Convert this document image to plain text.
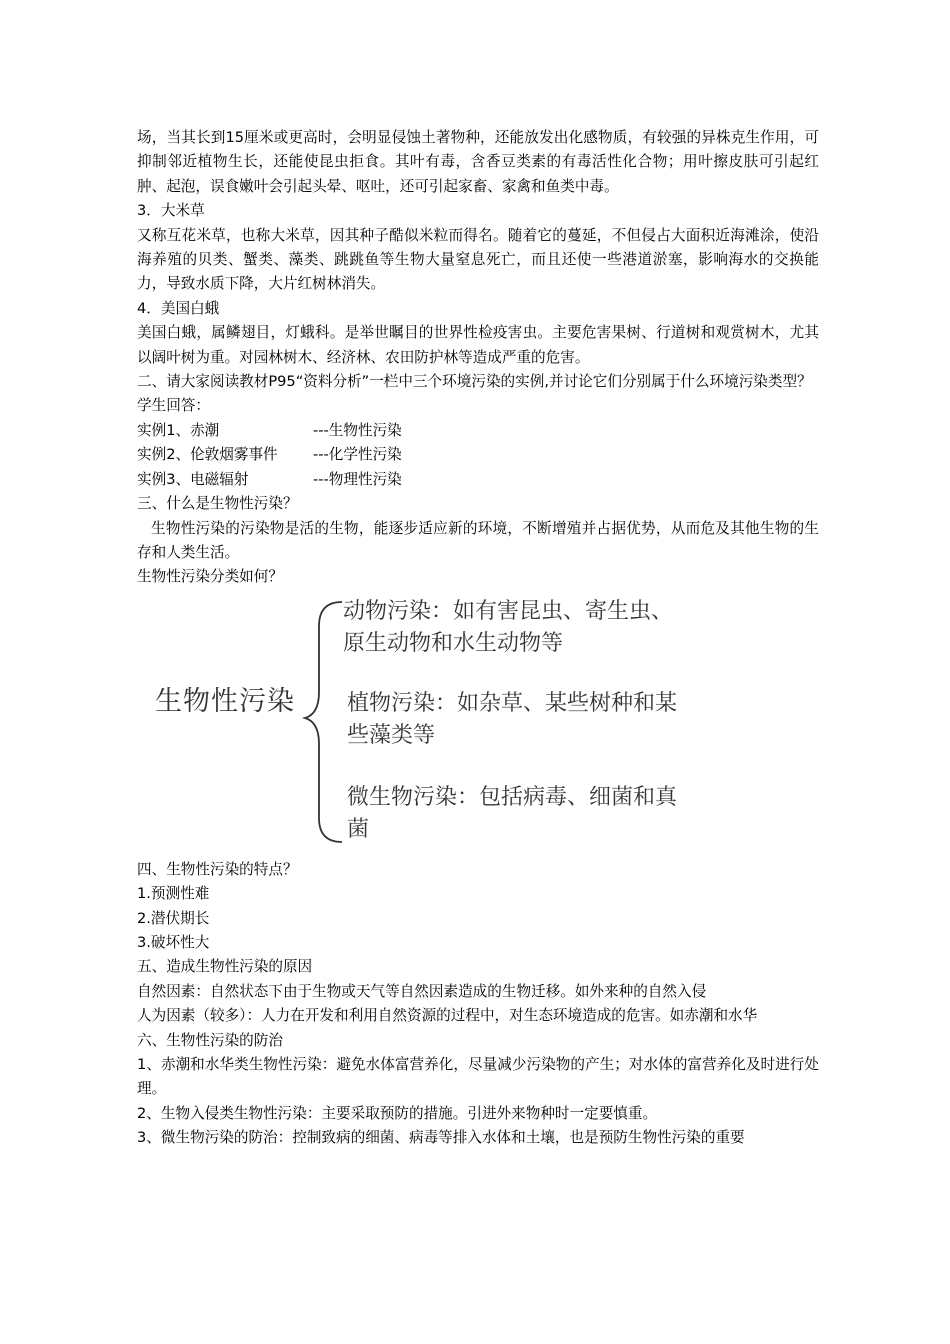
场，当其长到15厘米或更高时，会明显侵蚀土著物种，还能放发出化感物质，有较强的异株克生作用，可抑制邻近植物生长，还能使昆虫拒食。其叶有毒，含香豆类素的有毒活性化合物；用叶擦皮肤可引起红肿、起泡，误食嫩叶会引起头晕、呕吐，还可引起家畜、家禽和鱼类中毒。

3．大米草

又称互花米草，也称大米草，因其种子酷似米粒而得名。随着它的蔓延，不但侵占大面积近海滩涂，使沿海养殖的贝类、蟹类、藻类、跳跳鱼等生物大量窒息死亡，而且还使一些港道淤塞，影响海水的交换能力，导致水质下降，大片红树林消失。

4．美国白蛾

美国白蛾，属鳞翅目，灯蛾科。是举世瞩目的世界性检疫害虫。主要危害果树、行道树和观赏树木，尤其以阔叶树为重。对园林树木、经济林、农田防护林等造成严重的危害。

二、请大家阅读教材P95“资料分析”一栏中三个环境污染的实例,并讨论它们分别属于什么环境污染类型？

学生回答：

实例1、赤潮	---生物性污染

实例2、伦敦烟雾事件 ---化学性污染

实例3、电磁辐射	---物理性污染

三、什么是生物性污染？

生物性污染的污染物是活的生物，能逐步适应新的环境，不断增殖并占据优势，从而危及其他生物的生存和人类生活。

生物性污染分类如何？

生物性污染
动物污染：如有害昆虫、寄生虫、原生动物和水生动物等
植物污染：如杂草、某些树种和某些藻类等
微生物污染：包括病毒、细菌和真菌

四、生物性污染的特点？

1.预测性难

2.潜伏期长

3.破坏性大

五、造成生物性污染的原因

自然因素：自然状态下由于生物或天气等自然因素造成的生物迁移。如外来种的自然入侵

人为因素（较多）：人力在开发和利用自然资源的过程中，对生态环境造成的危害。如赤潮和水华

六、生物性污染的防治

1、赤潮和水华类生物性污染：避免水体富营养化，尽量减少污染物的产生；对水体的富营养化及时进行处理。

2、生物入侵类生物性污染：主要采取预防的措施。引进外来物种时一定要慎重。

3、微生物污染的防治：控制致病的细菌、病毒等排入水体和土壤，也是预防生物性污染的重要
